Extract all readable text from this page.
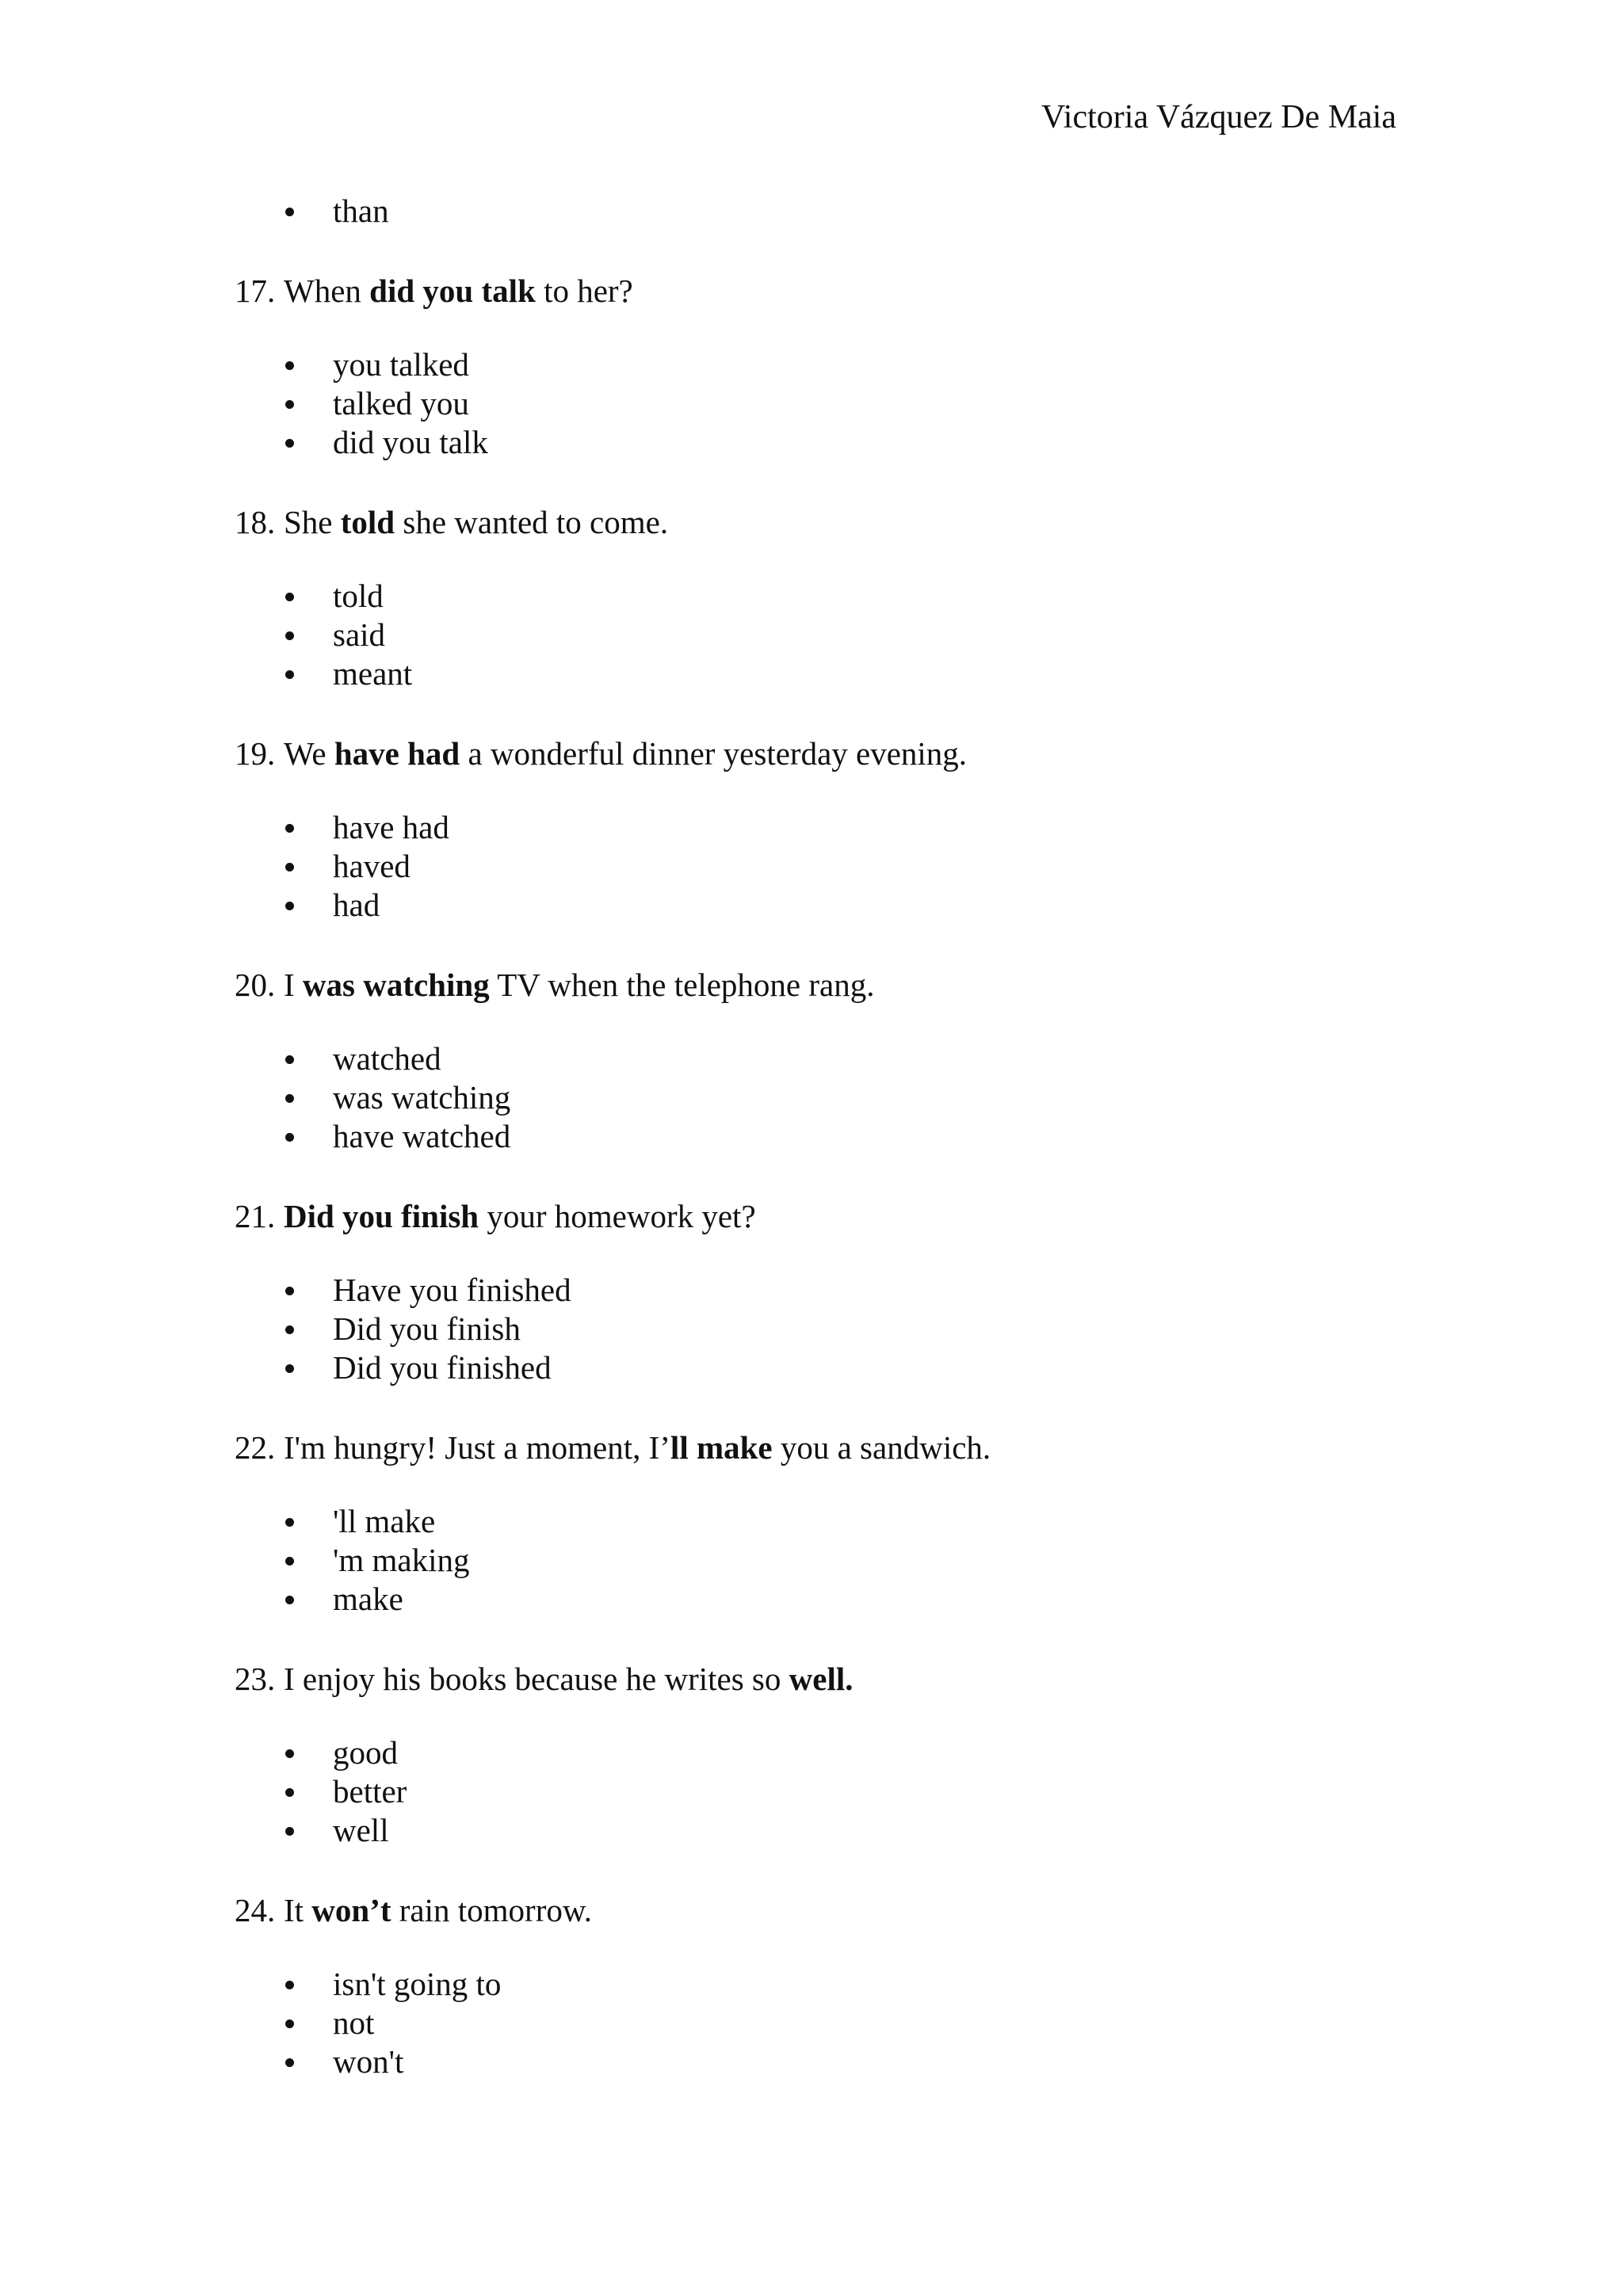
Victoria Vázquez De Maia
than

17. When did you talk to her?

you talked
talked you
did you talk

18. She told she wanted to come.

told
said
meant

19. We have had a wonderful dinner yesterday evening.

have had
haved
had

20. I was watching TV when the telephone rang.

watched
was watching
have watched

21. Did you finish your homework yet?

Have you finished
Did you finish
Did you finished

22. I'm hungry! Just a moment, I’ll make you a sandwich.

'll make
'm making
make

23. I enjoy his books because he writes so well.

good
better
well

24. It won’t rain tomorrow.

isn't going to
not
won't
